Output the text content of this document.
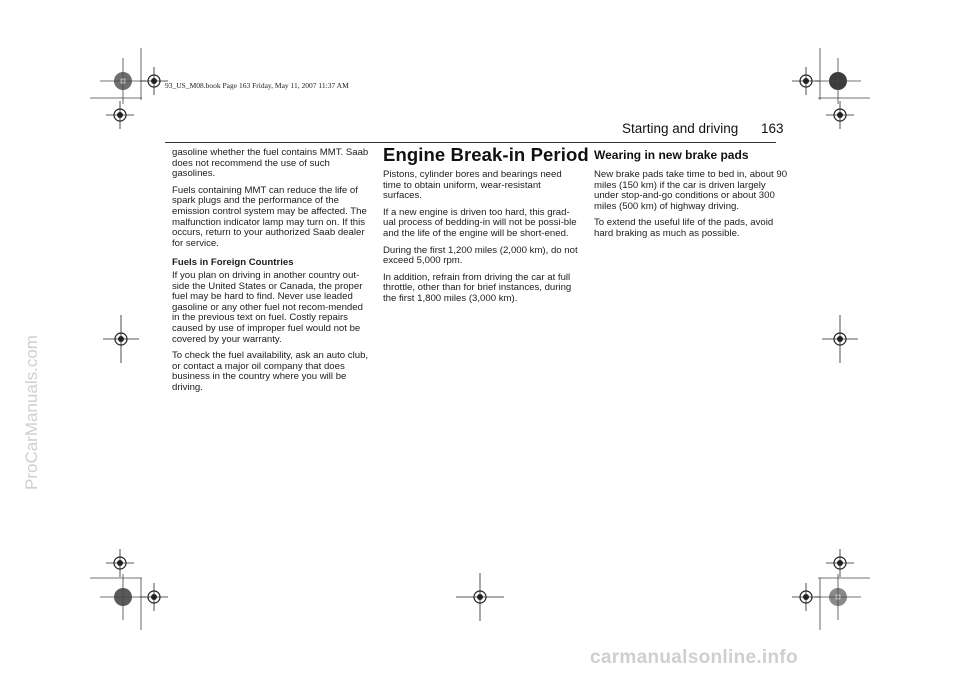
93_US_M08.book Page 163 Friday, May 11, 2007 11:37 AM
Starting and driving 163

gasoline whether the fuel contains MMT. Saab does not recommend the use of such gasolines.

Fuels containing MMT can reduce the life of spark plugs and the performance of the emission control system may be affected. The malfunction indicator lamp may turn on. If this occurs, return to your authorized Saab dealer for service.

Fuels in Foreign Countries

If you plan on driving in another country out-side the United States or Canada, the proper fuel may be hard to find. Never use leaded gasoline or any other fuel not recom-mended in the previous text on fuel. Costly repairs caused by use of improper fuel would not be covered by your warranty.

To check the fuel availability, ask an auto club, or contact a major oil company that does business in the country where you will be driving.

Engine Break-in Period

Pistons, cylinder bores and bearings need time to obtain uniform, wear-resistant surfaces.

If a new engine is driven too hard, this grad-ual process of bedding-in will not be possi-ble and the life of the engine will be short-ened.

During the first 1,200 miles (2,000 km), do not exceed 5,000 rpm.

In addition, refrain from driving the car at full throttle, other than for brief instances, during the first 1,800 miles (3,000 km).

Wearing in new brake pads

New brake pads take time to bed in, about 90 miles (150 km) if the car is driven largely under stop-and-go conditions or about 300 miles (500 km) of highway driving.

To extend the useful life of the pads, avoid hard braking as much as possible.

ProCarManuals.com
carmanualsonline.info
